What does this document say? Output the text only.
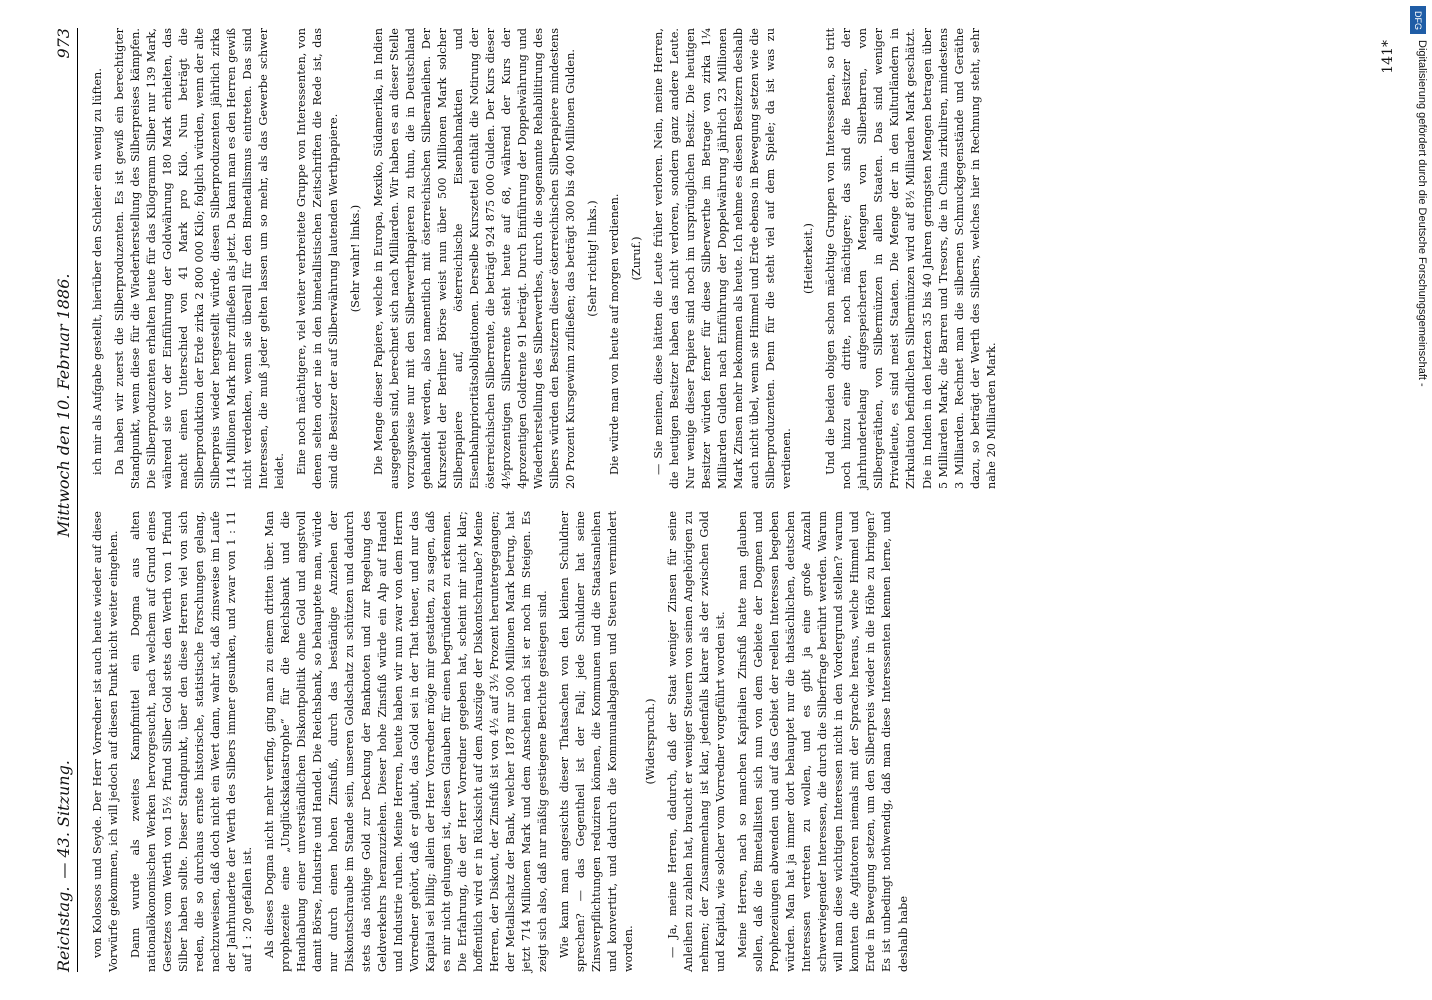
Reichstag.— 43. Sitzung.
Mittwoch den 10. Februar 1886.
973

von Kolossos und Seyde. Der Herr Vorredner ist auch heute wieder auf diese Vorwürfe gekommen, ich will jedoch auf diesen Punkt nicht weiter eingehen. Dann wurde als zweites Kampfmittel ein Dogma aus alten nationalökonomischen Werken hervorgesucht, nach welchem auf Grund eines Gesetzes vom Werth von 15½ Pfund Silber Gold stets den Werth von 1 Pfund Silber haben sollte. Dieser Standpunkt, über den diese Herren viel von sich reden, die so durchaus ernste historische, statistische Forschungen gelang, nachzuweisen, daß doch nicht ein Wert dann, wahr ist, daß zinsweise im Laufe der Jahrhunderte der Werth des Silbers immer gesunken, und zwar von 1 : 11 auf 1 : 20 gefallen ist. Als dieses Dogma nicht mehr verfing, ging man zu einem dritten über. Man prophezeite eine „Unglückskatastrophe“ für die Reichsbank und die Handhabung einer unverständlichen Diskontpolitik ohne Gold und angstvoll damit Börse, Industrie und Handel. Die Reichsbank, so behauptete man, würde nur durch einen hohen Zinsfuß, durch das beständige Anziehen der Diskontschraube im Stande sein, unseren Goldschatz zu schützen und dadurch stets das nöthige Gold zur Deckung der Banknoten und zur Regelung des Geldverkehrs heranzuziehen. Dieser hohe Zinsfuß würde ein Alp auf Handel und Industrie ruhen. Meine Herren, heute haben wir nun zwar von dem Herrn Vorredner gehört, daß er glaubt, das Gold sei in der That theuer, und nur das Kapital sei billig; allein der Herr Vorredner möge mir gestatten, zu sagen, daß es mir nicht gelungen ist, diesen Glauben für einen begründeten zu erkennen. Die Erfahrung, die der Herr Vorredner gegeben hat, scheint mir nicht klar; hoffentlich wird er in Rücksicht auf dem Auszüge der Diskontschraube? Meine Herren, der Diskont, der Zinsfuß ist von 4½ auf 3½ Prozent heruntergegangen; der Metallschatz der Bank, welcher 1878 nur 500 Millionen Mark betrug, hat jetzt 714 Millionen Mark und dem Anschein nach ist er noch im Steigen. Es zeigt sich also, daß nur mäßig gestiegene Berichte gestiegen sind. Wie kann man angesichts dieser Thatsachen von den kleinen Schuldner sprechen? — das Gegentheil ist der Fall; jede Schuldner hat seine Zinsverpflichtungen reduziren können, die Kommunen und die Staatsanleihen und konvertirt, und dadurch die Kommunalabgaben und Steuern vermindert worden.

(Widerspruch.) — Ja, meine Herren, dadurch, daß der Staat weniger Zinsen für seine Anleihen zu zahlen hat, braucht er weniger Steuern von seinen Angehörigen zu nehmen; der Zusammenhang ist klar, jedenfalls klarer als der zwischen Gold und Kapital, wie solcher vom Vorredner vorgeführt worden ist. Meine Herren, nach so manchen Kapitalien Zinsfuß hatte man glauben sollen, daß die Bimetallisten sich nun von dem Gebiete der Dogmen und Prophezeiungen abwenden und auf das Gebiet der reellen Interessen begeben würden. Man hat ja immer dort behauptet nur die thatsächlichen, deutschen Interessen vertreten zu wollen, und es gibt ja eine große Anzahl schwerwiegender Interessen, die durch die Silberfrage berührt werden. Warum will man diese wichtigen Interessen nicht in den Vordergrund stellen? warum konnten die Agitatoren niemals mit der Sprache heraus, welche Himmel und Erde in Bewegung setzen, um den Silberpreis wieder in die Höhe zu bringen? Es ist unbedingt nothwendig, daß man diese Interessenten kennen lerne, und deshalb habe

ich mir als Aufgabe gestellt, hierüber den Schleier ein wenig zu lüften. Da haben wir zuerst die Silberproduzenten. Es ist gewiß ein berechtigter Standpunkt, wenn diese für die Wiederherstellung des Silberpreises kämpfen. Die Silberproduzenten erhalten heute für das Kilogramm Silber nur 139 Mark, während sie vor der Einführung der Goldwährung 180 Mark erhielten, das macht einen Unterschied von 41 Mark pro Kilo. Nun beträgt die Silberproduktion der Erde zirka 2 800 000 Kilo; folglich würden, wenn der alte Silberpreis wieder hergestellt würde, diesen Silberproduzenten jährlich zirka 114 Millionen Mark mehr zufließen als jetzt. Da kann man es den Herren gewiß nicht verdenken, wenn sie überall für den Bimetallismus eintreten. Das sind Interessen, die muß jeder gelten lassen um so mehr, als das Gewerbe schwer leidet. Eine noch mächtigere, viel weiter verbreitete Gruppe von Interessenten, von denen selten oder nie in den bimetallistischen Zeitschriften die Rede ist, das sind die Besitzer der auf Silberwährung lautenden Werthpapiere. (Sehr wahr! links.) Die Menge dieser Papiere, welche in Europa, Mexiko, Südamerika, in Indien ausgegeben sind, berechnet sich nach Milliarden. Wir haben es an dieser Stelle vorzugsweise nur mit den Silberwerthpapieren zu thun, die in Deutschland gehandelt werden, also namentlich mit österreichischen Silberanleihen. Der Kurszettel der Berliner Börse weist nun über 500 Millionen Mark solcher Silberpapiere auf, österreichische Eisenbahnaktien und Eisenbahnprioritätsobligationen. Derselbe Kurszettel enthält die Notirung der österreichischen Silberrente, die beträgt 924 875 000 Gulden. Der Kurs dieser 4¹⁄₅prozentigen Silberrente steht heute auf 68, während der Kurs der 4prozentigen Goldrente 91 beträgt. Durch Einführung der Doppelwährung und Wiederherstellung des Silberwerthes, durch die sogenannte Rehabilitirung des Silbers würden den Besitzern dieser österreichischen Silberpapiere mindestens 20 Prozent Kursgewinn zufließen; das beträgt 300 bis 400 Millionen Gulden. (Sehr richtig! links.) Die würde man von heute auf morgen verdienen. (Zuruf.) — Sie meinen, diese hätten die Leute früher verloren. Nein, meine Herren, die heutigen Besitzer haben das nicht verloren, sondern ganz andere Leute. Nur wenige dieser Papiere sind noch im ursprünglichen Besitz. Die heutigen Besitzer würden ferner für diese Silberwerthe im Betrage von zirka 1¼ Milliarden Gulden nach Einführung der Doppelwährung jährlich 23 Millionen Mark Zinsen mehr bekommen als heute. Ich nehme es diesen Besitzern deshalb auch nicht übel, wenn sie Himmel und Erde ebenso in Bewegung setzen wie die Silberproduzenten. Denn für die steht viel auf dem Spiele; da ist was zu verdienen.

(Heiterkeit.) Und die beiden obigen schon mächtige Gruppen von Interessenten, so tritt noch hinzu eine dritte, noch mächtigere; das sind die Besitzer der jahrhundertelang aufgespeicherten Mengen von Silberbarren, von Silbergeräthen, von Silbermünzen in allen Staaten. Das sind weniger Privatleute, es sind meist Staaten. Die Menge der in den Kulturländern in Zirkulation befindlichen Silbermünzen wird auf 8½ Milliarden Mark geschätzt. Die in Indien in den letzten 35 bis 40 Jahren geringsten Mengen betragen über 5 Milliarden Mark; die Barren und Tresors, die in China zirkuliren, mindestens 3 Milliarden. Rechnet man die silbernen Schmuckgegenstände und Geräthe dazu, so beträgt der Werth des Silbers, welches hier in Rechnung steht, sehr nahe 20 Milliarden Mark.

141*
DFG
Digitalisierung gefördert durch die Deutsche Forschungsgemeinschaft -
